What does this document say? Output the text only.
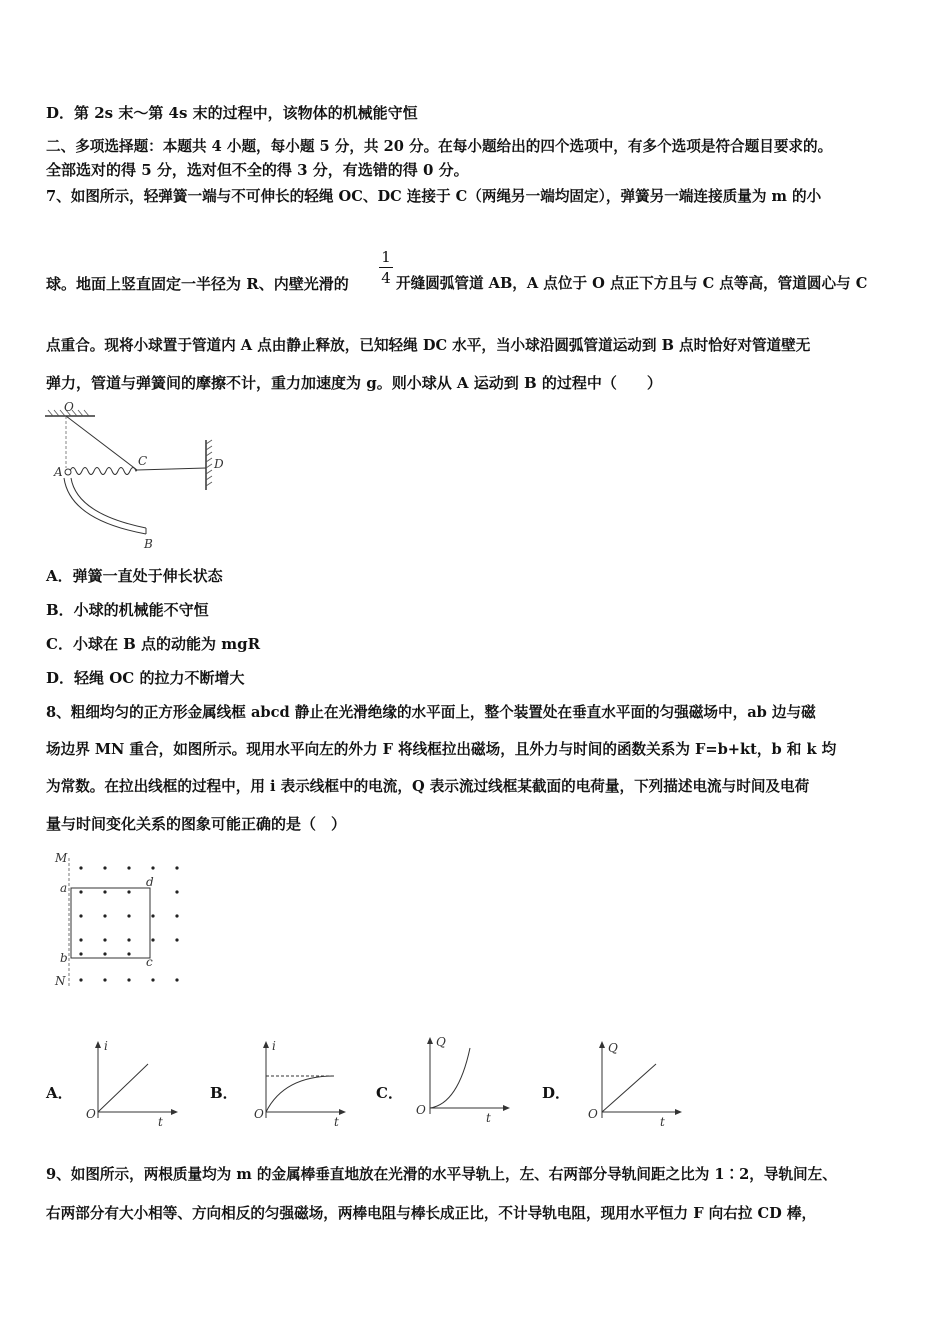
D．第 2s 末～第 4s 末的过程中，该物体的机械能守恒
二、多项选择题：本题共 4 小题，每小题 5 分，共 20 分。在每小题给出的四个选项中，有多个选项是符合题目要求的。
全部选对的得 5 分，选对但不全的得 3 分，有选错的得 0 分。
7、如图所示，轻弹簧一端与不可伸长的轻绳 OC、DC 连接于 C（两绳另一端均固定），弹簧另一端连接质量为 m 的小
球。地面上竖直固定一半径为 R、内壁光滑的
1
4 开缝圆弧管道 AB，A 点位于 O 点正下方且与 C 点等高，管道圆心与 C
点重合。现将小球置于管道内 A 点由静止释放，已知轻绳 DC 水平，当小球沿圆弧管道运动到 B 点时恰好对管道壁无
弹力，管道与弹簧间的摩擦不计，重力加速度为 g。则小球从 A 运动到 B 的过程中（　　）
O
D
C
A
B
A．弹簧一直处于伸长状态
B．小球的机械能不守恒
C．小球在 B 点的动能为 mgR
D．轻绳 OC 的拉力不断增大
8、粗细均匀的正方形金属线框 abcd 静止在光滑绝缘的水平面上，整个装置处在垂直水平面的匀强磁场中，ab 边与磁
场边界 MN 重合，如图所示。现用水平向左的外力 F 将线框拉出磁场，且外力与时间的函数关系为 F=b+kt，b 和 k 均
为常数。在拉出线框的过程中，用 i 表示线框中的电流，Q 表示流过线框某截面的电荷量，下列描述电流与时间及电荷
量与时间变化关系的图象可能正确的是（　）
M
N
a
b
d
c
A．
i
t
O
B．
i
t
O
C．
Q
t
O
D．
Q
t
O
9、如图所示，两根质量均为 m 的金属棒垂直地放在光滑的水平导轨上，左、右两部分导轨间距之比为 1∶2，导轨间左、
右两部分有大小相等、方向相反的匀强磁场，两棒电阻与棒长成正比，不计导轨电阻，现用水平恒力 F 向右拉 CD 棒，
